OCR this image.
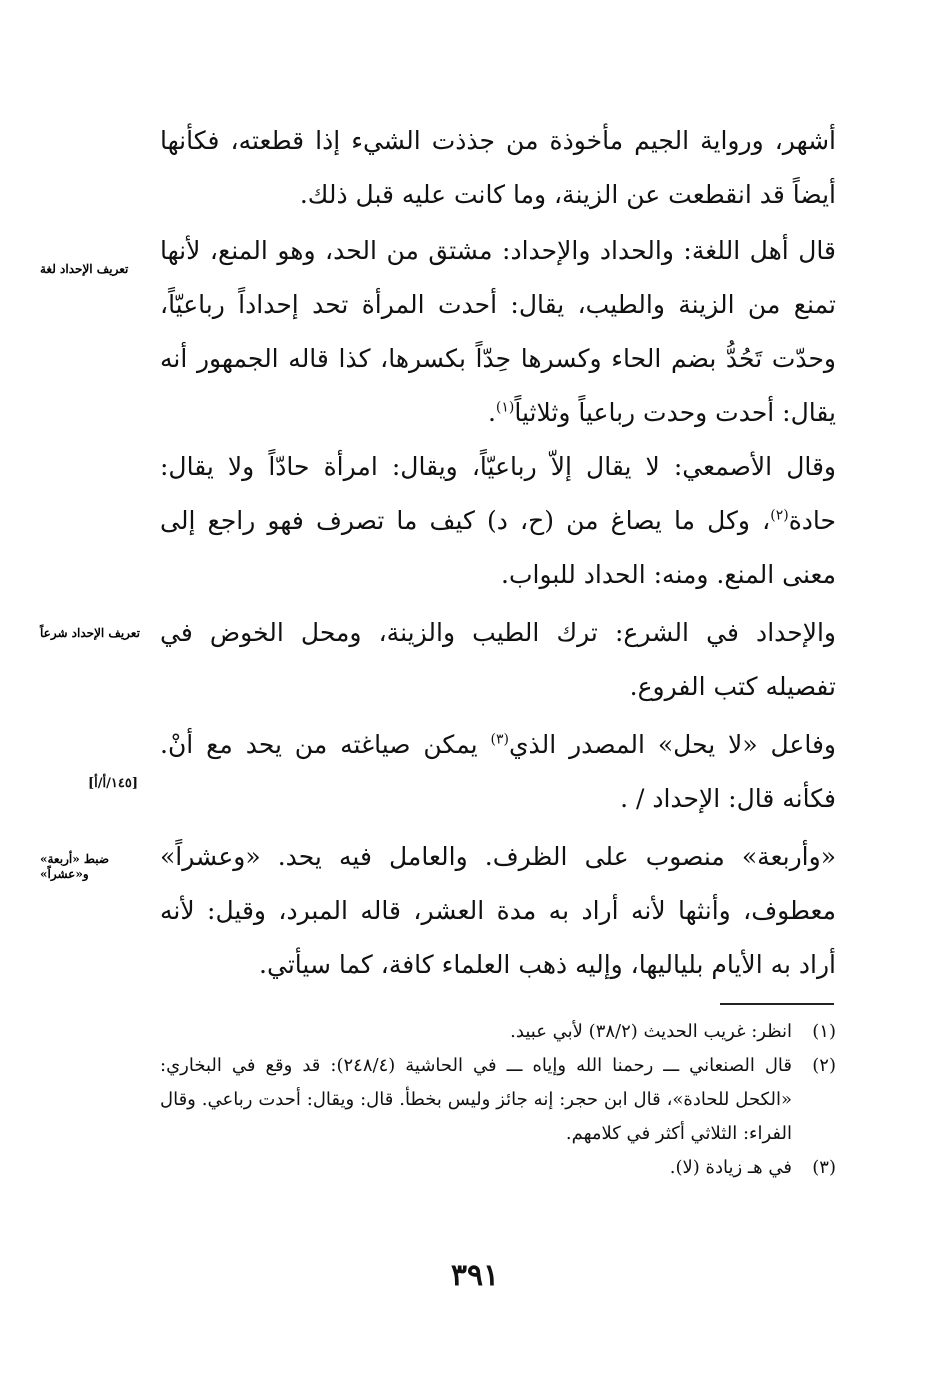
أشهر، ورواية الجيم مأخوذة من جذذت الشيء إذا قطعته، فكأنها أيضاً قد انقطعت عن الزينة، وما كانت عليه قبل ذلك.

قال أهل اللغة: والحداد والإحداد: مشتق من الحد، وهو المنع، لأنها تمنع من الزينة والطيب، يقال: أحدت المرأة تحد إحداداً رباعيّاً، وحدّت تَحُدُّ بضم الحاء وكسرها حِدّاً بكسرها، كذا قاله الجمهور أنه يقال: أحدت وحدت رباعياً وثلاثياً$^{(١)}$.

وقال الأصمعي: لا يقال إلاّ رباعيّاً، ويقال: امرأة حادّاً ولا يقال: حادة$^{(٢)}$، وكل ما يصاغ من (ح، د) كيف ما تصرف فهو راجع إلى معنى المنع. ومنه: الحداد للبواب.

والإحداد في الشرع: ترك الطيب والزينة، ومحل الخوض في تفصيله كتب الفروع.

وفاعل «لا يحل» المصدر الذي$^{(٣)}$ يمكن صياغته من يحد مع أنْ. فكأنه قال: الإحداد / .

«وأربعة» منصوب على الظرف. والعامل فيه يحد. «وعشراً» معطوف، وأنثها لأنه أراد به مدة العشر، قاله المبرد، وقيل: لأنه أراد به الأيام بلياليها، وإليه ذهب العلماء كافة، كما سيأتي.

تعريف الإحداد لغة
تعريف الإحداد شرعاً
ضبط «أربعة» و«عشراً»
[١٤٥/أ/أ]

(١)
انظر: غريب الحديث (٣٨/٢) لأبي عبيد.

(٢)
قال الصنعاني ـــ رحمنا الله وإياه ـــ في الحاشية (٢٤٨/٤): قد وقع في البخاري: «الكحل للحادة»، قال ابن حجر: إنه جائز وليس بخطأ. قال: ويقال: أحدت رباعي. وقال الفراء: الثلاثي أكثر في كلامهم.

(٣)
في هـ زيادة (لا).

٣٩١
